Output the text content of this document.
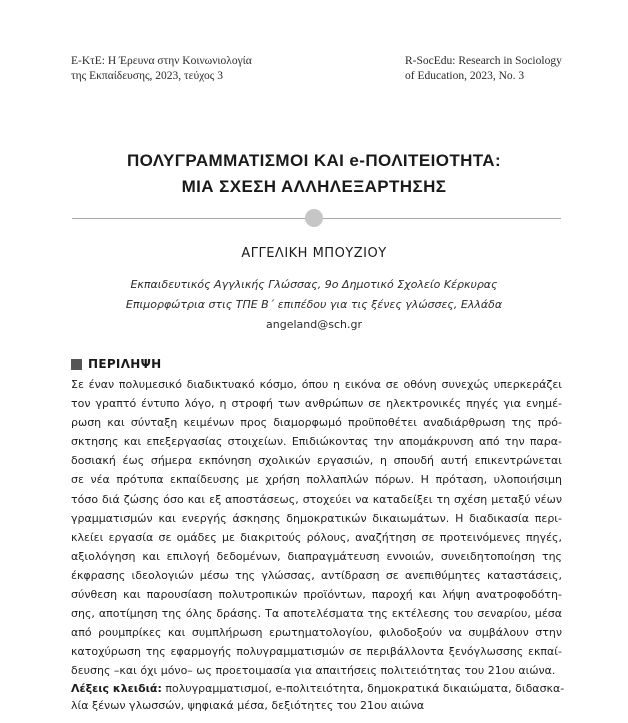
Ε-ΚτΕ: Η Έρευνα στην Κοινωνιολογία
της Εκπαίδευσης, 2023, τεύχος 3
R-SocEdu: Research in Sociology
of Education, 2023, No. 3
ΠΟΛΥΓΡΑΜΜΑΤΙΣΜΟΙ ΚΑΙ e-ΠΟΛΙΤΕΙΟΤΗΤΑ:
ΜΙΑ ΣΧΕΣΗ ΑΛΛΗΛΕΞΑΡΤΗΣΗΣ
ΑΓΓΕΛΙΚΗ ΜΠΟΥΖΙΟΥ
Εκπαιδευτικός Αγγλικής Γλώσσας, 9ο Δημοτικό Σχολείο Κέρκυρας
Επιμορφώτρια στις ΤΠΕ Β΄ επιπέδου για τις ξένες γλώσσες, Ελλάδα
angeland@sch.gr
ΠΕΡΙΛΗΨΗ
Σε έναν πολυμεσικό διαδικτυακό κόσμο, όπου η εικόνα σε οθόνη συνεχώς υπερκεράζει
τον γραπτό έντυπο λόγο, η στροφή των ανθρώπων σε ηλεκτρονικές πηγές για ενημέ-
ρωση και σύνταξη κειμένων προς διαμορφωμό προϋποθέτει αναδιάρθρωση της πρό-
σκτησης και επεξεργασίας στοιχείων. Επιδιώκοντας την απομάκρυνση από την παρα-
δοσιακή έως σήμερα εκπόνηση σχολικών εργασιών, η σπουδή αυτή επικεντρώνεται
σε νέα πρότυπα εκπαίδευσης με χρήση πολλαπλών πόρων. Η πρόταση, υλοποιήσιμη
τόσο διά ζώσης όσο και εξ αποστάσεως, στοχεύει να καταδείξει τη σχέση μεταξύ νέων
γραμματισμών και ενεργής άσκησης δημοκρατικών δικαιωμάτων. Η διαδικασία περι-
κλείει εργασία σε ομάδες με διακριτούς ρόλους, αναζήτηση σε προτεινόμενες πηγές,
αξιολόγηση και επιλογή δεδομένων, διαπραγμάτευση εννοιών, συνειδητοποίηση της
έκφρασης ιδεολογιών μέσω της γλώσσας, αντίδραση σε ανεπιθύμητες καταστάσεις,
σύνθεση και παρουσίαση πολυτροπικών προϊόντων, παροχή και λήψη ανατροφοδότη-
σης, αποτίμηση της όλης δράσης. Τα αποτελέσματα της εκτέλεσης του σεναρίου, μέσα
από ρουμπρίκες και συμπλήρωση ερωτηματολογίου, φιλοδοξούν να συμβάλουν στην
κατοχύρωση της εφαρμογής πολυγραμματισμών σε περιβάλλοντα ξενόγλωσσης εκπαί-
δευσης –και όχι μόνο– ως προετοιμασία για απαιτήσεις πολιτειότητας του 21ου αιώνα.
Λέξεις κλειδιά: πολυγραμματισμοί, e-πολιτειότητα, δημοκρατικά δικαιώματα, διδασκα-
λία ξένων γλωσσών, ψηφιακά μέσα, δεξιότητες του 21ου αιώνα
